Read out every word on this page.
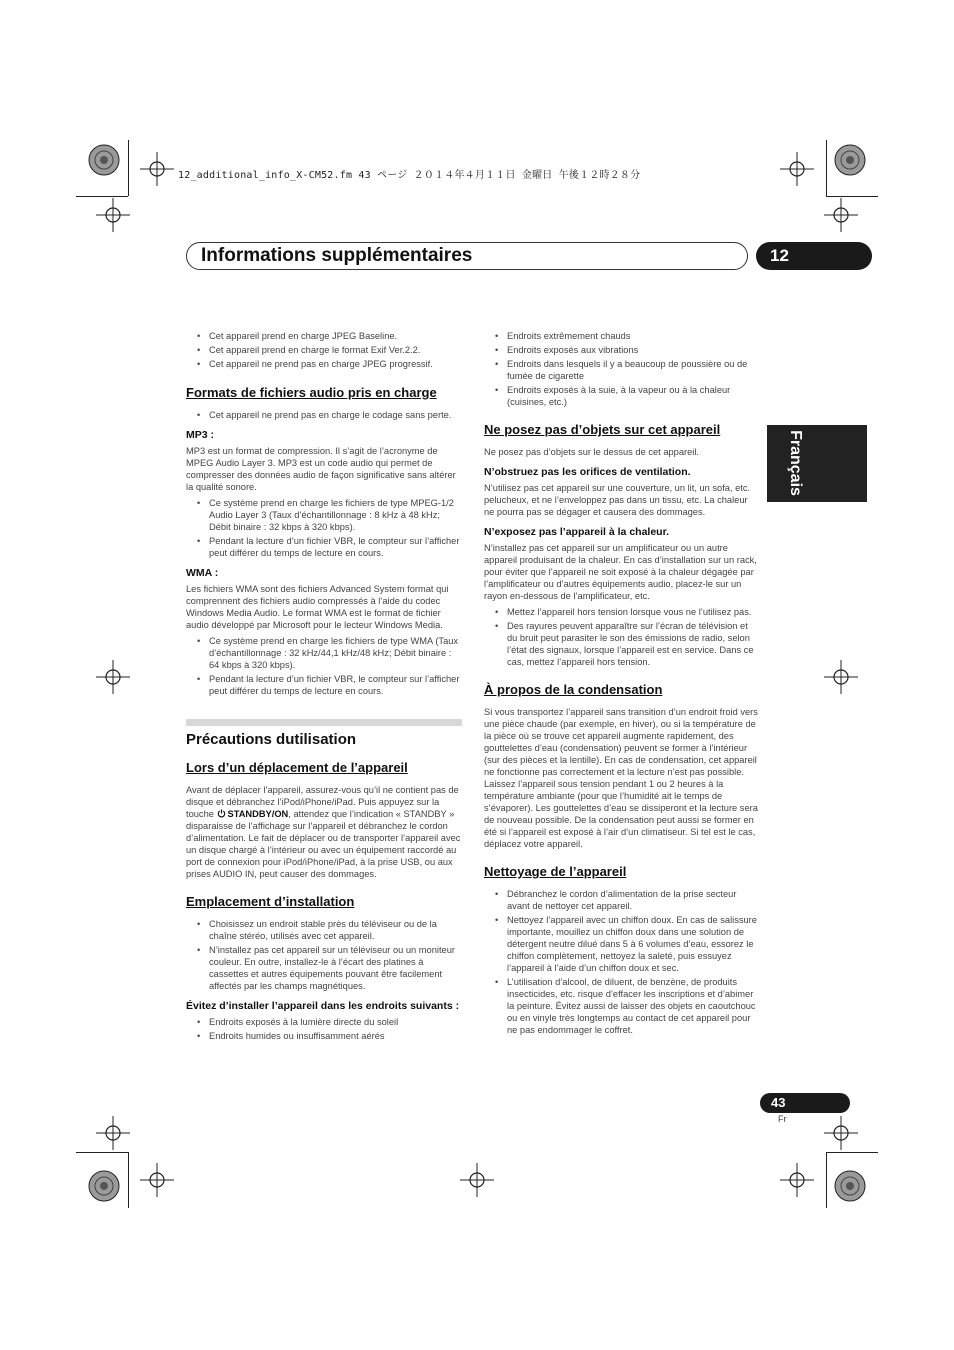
12_additional_info_X-CM52.fm 43 ページ ２０１４年４月１１日 金曜日 午後１２時２８分
Informations supplémentaires	12
Français
• Cet appareil prend en charge JPEG Baseline.
• Cet appareil prend en charge le format Exif Ver.2.2.
• Cet appareil ne prend pas en charge JPEG progressif.
Formats de fichiers audio pris en charge
• Cet appareil ne prend pas en charge le codage sans perte.
MP3 :

MP3 est un format de compression. Il s’agit de l’acronyme de MPEG Audio Layer 3. MP3 est un code audio qui permet de compresser des données audio de façon significative sans altérer la qualité sonore.

• Ce système prend en charge les fichiers de type MPEG-1/2 Audio Layer 3 (Taux d’échantillonnage : 8 kHz à 48 kHz; Débit binaire : 32 kbps à 320 kbps).
• Pendant la lecture d’un fichier VBR, le compteur sur l’afficher peut différer du temps de lecture en cours.
WMA :

Les fichiers WMA sont des fichiers Advanced System format qui comprennent des fichiers audio compressés à l’aide du codec Windows Media Audio. Le format WMA est le format de fichier audio développé par Microsoft pour le lecteur Windows Media.

• Ce système prend en charge les fichiers de type WMA (Taux d’échantillonnage : 32 kHz/44,1 kHz/48 kHz; Débit binaire : 64 kbps à 320 kbps).
• Pendant la lecture d’un fichier VBR, le compteur sur l’afficher peut différer du temps de lecture en cours.
Précautions dutilisation
Lors d’un déplacement de l’appareil

Avant de déplacer l’appareil, assurez-vous qu’il ne contient pas de disque et débranchez l’iPod/iPhone/iPad. Puis appuyez sur la touche STANDBY/ON, attendez que l’indication « STANDBY » disparaisse de l’affichage sur l’appareil et débranchez le cordon d’alimentation. Le fait de déplacer ou de transporter l’appareil avec un disque chargé à l’intérieur ou avec un équipement raccordé au port de connexion pour iPod/iPhone/iPad, à la prise USB, ou aux prises AUDIO IN, peut causer des dommages.

Emplacement d’installation
• Choisissez un endroit stable près du téléviseur ou de la chaîne stéréo, utilisés avec cet appareil.
• N’installez pas cet appareil sur un téléviseur ou un moniteur couleur. En outre, installez-le à l’écart des platines à cassettes et autres équipements pouvant être facilement affectés par les champs magnétiques.
Évitez d’installer l’appareil dans les endroits suivants :
• Endroits exposés à la lumière directe du soleil
• Endroits humides ou insuffisamment aérés
• Endroits extrêmement chauds
• Endroits exposés aux vibrations
• Endroits dans lesquels il y a beaucoup de poussière ou de fumée de cigarette
• Endroits exposés à la suie, à la vapeur ou à la chaleur (cuisines, etc.)
Ne posez pas d’objets sur cet appareil

Ne posez pas d’objets sur le dessus de cet appareil.

N’obstruez pas les orifices de ventilation.

N’utilisez pas cet appareil sur une couverture, un lit, un sofa, etc. pelucheux, et ne l’enveloppez pas dans un tissu, etc. La chaleur ne pourra pas se dégager et causera des dommages.

N’exposez pas l’appareil à la chaleur.

N’installez pas cet appareil sur un amplificateur ou un autre appareil produisant de la chaleur. En cas d’installation sur un rack, pour éviter que l’appareil ne soit exposé à la chaleur dégagée par l’amplificateur ou d’autres équipements audio, placez-le sur un rayon en-dessous de l’amplificateur, etc.

• Mettez l’appareil hors tension lorsque vous ne l’utilisez pas.
• Des rayures peuvent apparaître sur l’écran de télévision et du bruit peut parasiter le son des émissions de radio, selon l’état des signaux, lorsque l’appareil est en service. Dans ce cas, mettez l’appareil hors tension.
À propos de la condensation

Si vous transportez l’appareil sans transition d’un endroit froid vers une pièce chaude (par exemple, en hiver), ou si la température de la pièce où se trouve cet appareil augmente rapidement, des gouttelettes d’eau (condensation) peuvent se former à l’intérieur (sur des pièces et la lentille). En cas de condensation, cet appareil ne fonctionne pas correctement et la lecture n’est pas possible. Laissez l’appareil sous tension pendant 1 ou 2 heures à la température ambiante (pour que l’humidité ait le temps de s’évaporer). Les gouttelettes d’eau se dissiperont et la lecture sera de nouveau possible. De la condensation peut aussi se former en été si l’appareil est exposé à l’air d’un climatiseur. Si tel est le cas, déplacez votre appareil.

Nettoyage de l’appareil
• Débranchez le cordon d’alimentation de la prise secteur avant de nettoyer cet appareil.
• Nettoyez l’appareil avec un chiffon doux. En cas de salissure importante, mouillez un chiffon doux dans une solution de détergent neutre dilué dans 5 à 6 volumes d’eau, essorez le chiffon complètement, nettoyez la saleté, puis essuyez l’appareil à l’aide d’un chiffon doux et sec.
• L’utilisation d’alcool, de diluent, de benzène, de produits insecticides, etc. risque d’effacer les inscriptions et d’abimer la peinture. Évitez aussi de laisser des objets en caoutchouc ou en vinyle très longtemps au contact de cet appareil pour ne pas endommager le coffret.
43
Fr
